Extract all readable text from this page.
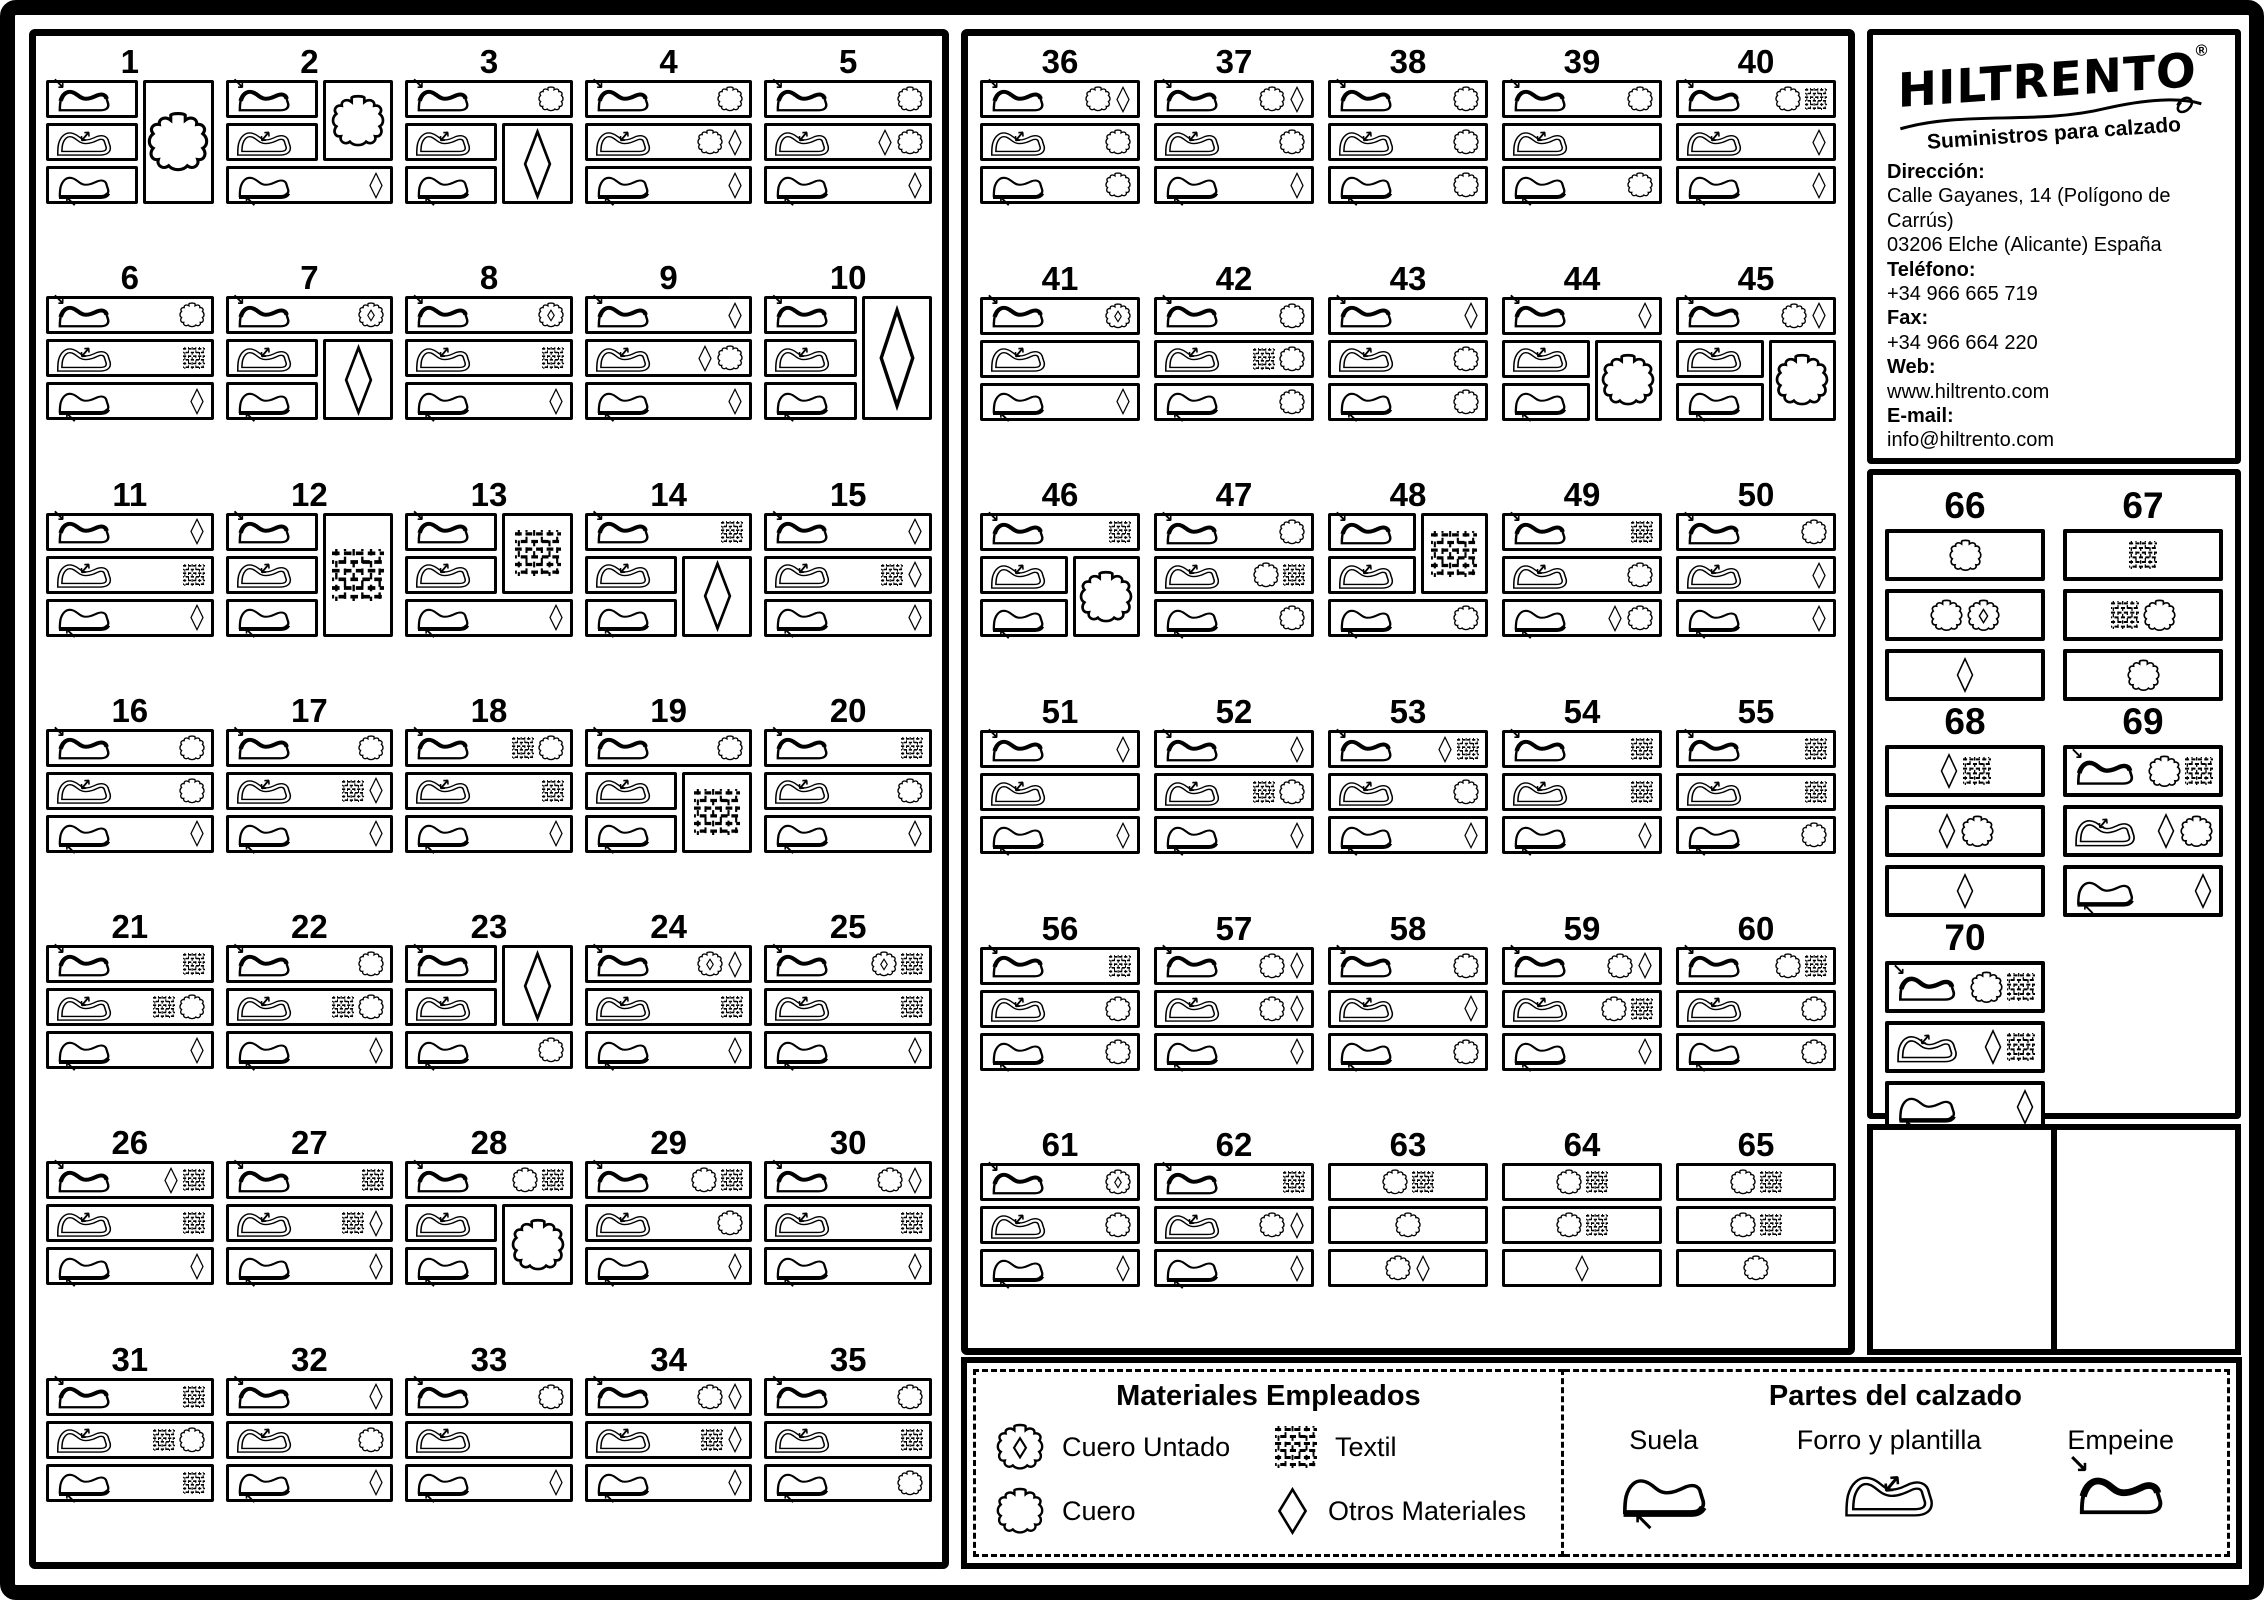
1
↘
↕
↖
2
↘
↕
↖
3
↘
↕
↖
4
↘
↕
↖
5
↘
↕
↖
6
↘
↕
↖
7
↘
↕
↖
8
↘
↕
↖
9
↘
↕
↖
10
↘
↕
↖
11
↘
↕
↖
12
↘
↕
↖
13
↘
↕
↖
14
↘
↕
↖
15
↘
↕
↖
16
↘
↕
↖
17
↘
↕
↖
18
↘
↕
↖
19
↘
↕
↖
20
↘
↕
↖
21
↘
↕
↖
22
↘
↕
↖
23
↘
↕
↖
24
↘
↕
↖
25
↘
↕
↖
26
↘
↕
↖
27
↘
↕
↖
28
↘
↕
↖
29
↘
↕
↖
30
↘
↕
↖
31
↘
↕
↖
32
↘
↕
↖
33
↘
↕
↖
34
↘
↕
↖
35
↘
↕
↖
36
↘
↕
↖
37
↘
↕
↖
38
↘
↕
↖
39
↘
↕
↖
40
↘
↕
↖
41
↘
↕
↖
42
↘
↕
↖
43
↘
↕
↖
44
↘
↕
↖
45
↘
↕
↖
46
↘
↕
↖
47
↘
↕
↖
48
↘
↕
↖
49
↘
↕
↖
50
↘
↕
↖
51
↘
↕
↖
52
↘
↕
↖
53
↘
↕
↖
54
↘
↕
↖
55
↘
↕
↖
56
↘
↕
↖
57
↘
↕
↖
58
↘
↕
↖
59
↘
↕
↖
60
↘
↕
↖
61
↘
↕
↖
62
↘
↕
↖
63	64	65
HILTRENTO®
Suministros para calzado
Dirección:
Calle Gayanes, 14 (Polígono de Carrús)
03206 Elche (Alicante) España
Teléfono:
+34 966 665 719
Fax:
+34 966 664 220
Web:
www.hiltrento.com
E-mail:
info@hiltrento.com
66	67
68	69
↘
↕
↖
70
↘
↕
Materiales Empleados
Cuero Untado	Textil
Cuero	Otros Materiales
Partes del calzado
Suela
↖
Forro y plantilla
↕
Empeine
↘
